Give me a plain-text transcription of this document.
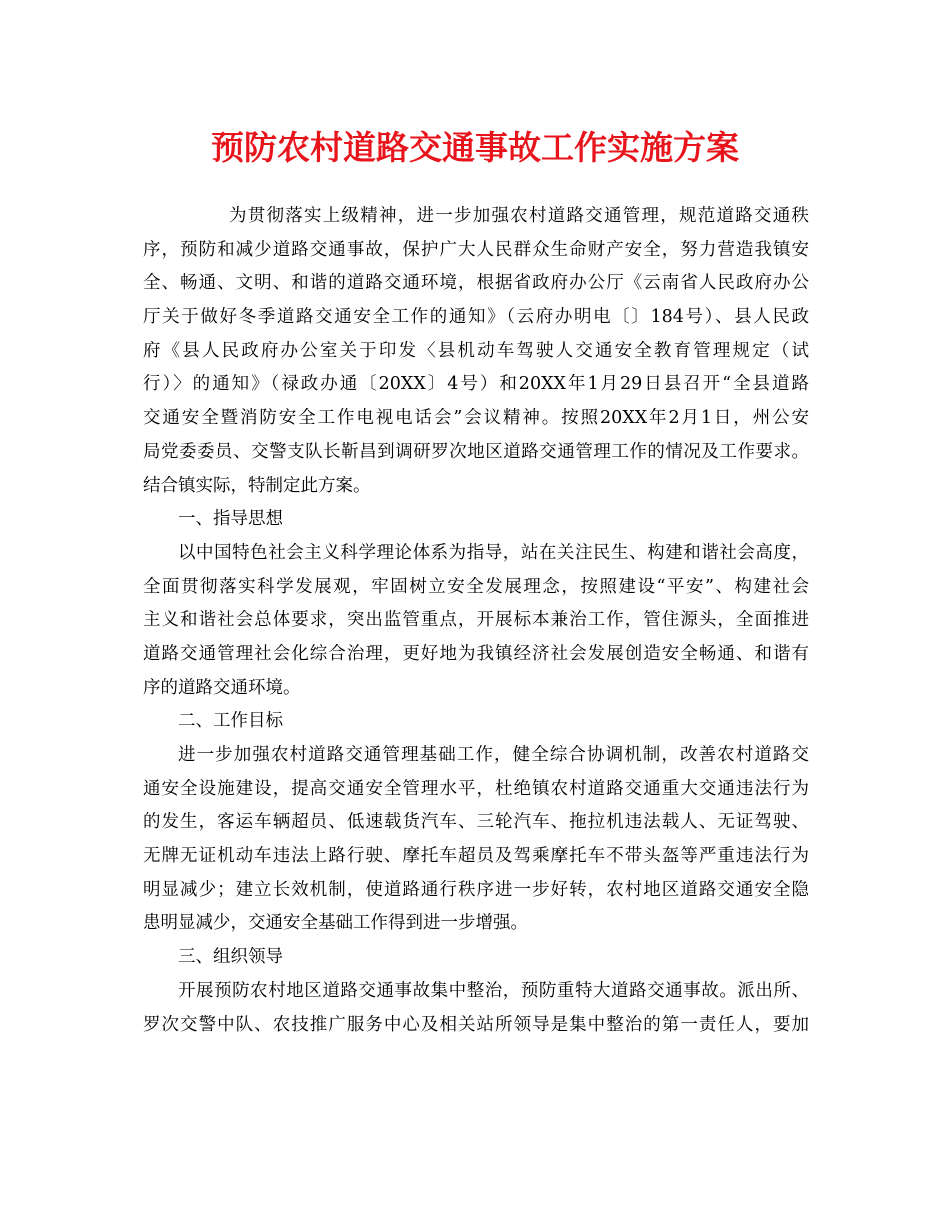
预防农村道路交通事故工作实施方案
为贯彻落实上级精神，进一步加强农村道路交通管理，规范道路交通秩
序，预防和减少道路交通事故，保护广大人民群众生命财产安全，努力营造我镇安
全、畅通、文明、和谐的道路交通环境，根据省政府办公厅《云南省人民政府办公
厅关于做好冬季道路交通安全工作的通知》（云府办明电〔〕184号）、县人民政
府《县人民政府办公室关于印发〈县机动车驾驶人交通安全教育管理规定（试
行）〉的通知》（禄政办通〔20XX〕4号）和20XX年1月29日县召开“全县道路
交通安全暨消防安全工作电视电话会”会议精神。按照20XX年2月1日，州公安
局党委委员、交警支队长靳昌到调研罗次地区道路交通管理工作的情况及工作要求。
结合镇实际，特制定此方案。
一、指导思想
以中国特色社会主义科学理论体系为指导，站在关注民生、构建和谐社会高度，
全面贯彻落实科学发展观，牢固树立安全发展理念，按照建设“平安”、构建社会
主义和谐社会总体要求，突出监管重点，开展标本兼治工作，管住源头，全面推进
道路交通管理社会化综合治理，更好地为我镇经济社会发展创造安全畅通、和谐有
序的道路交通环境。
二、工作目标
进一步加强农村道路交通管理基础工作，健全综合协调机制，改善农村道路交
通安全设施建设，提高交通安全管理水平，杜绝镇农村道路交通重大交通违法行为
的发生，客运车辆超员、低速载货汽车、三轮汽车、拖拉机违法载人、无证驾驶、
无牌无证机动车违法上路行驶、摩托车超员及驾乘摩托车不带头盔等严重违法行为
明显减少；建立长效机制，使道路通行秩序进一步好转，农村地区道路交通安全隐
患明显减少，交通安全基础工作得到进一步增强。
三、组织领导
开展预防农村地区道路交通事故集中整治，预防重特大道路交通事故。派出所、
罗次交警中队、农技推广服务中心及相关站所领导是集中整治的第一责任人，要加
